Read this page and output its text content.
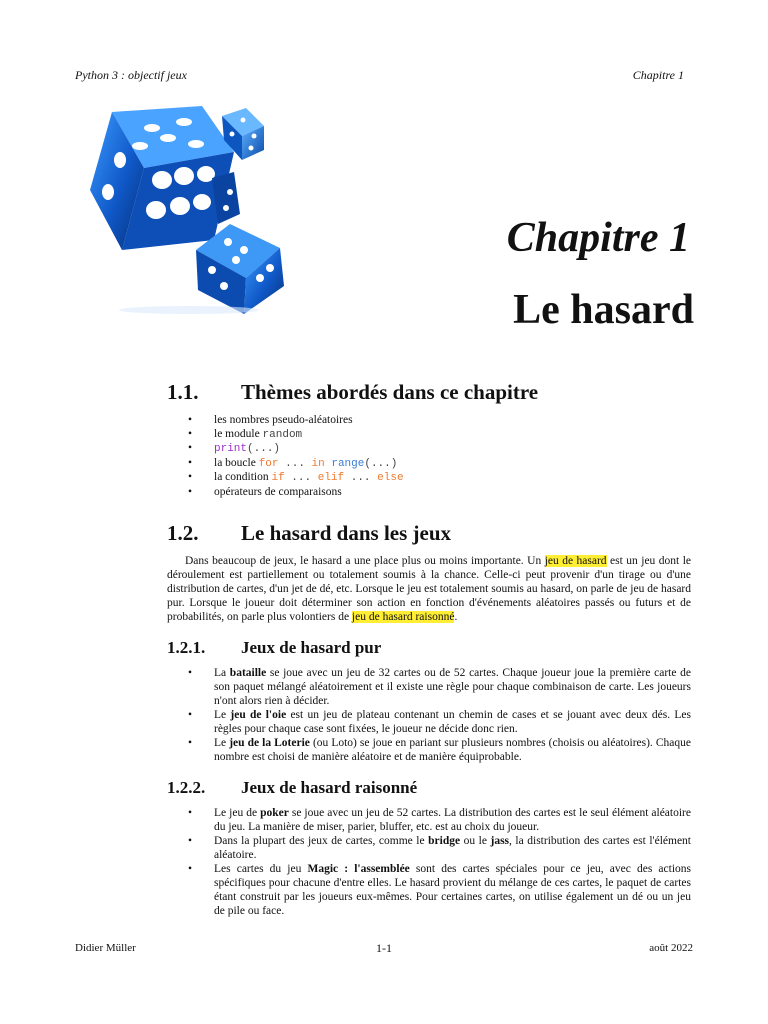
Python 3 : objectif jeux	Chapitre 1
Chapitre 1
Le hasard
1.1.	Thèmes abordés dans ce chapitre
• les nombres pseudo-aléatoires
• le module random
• print(...)
• la boucle for ... in range(...)
• la condition if ... elif ... else
• opérateurs de comparaisons
1.2.	Le hasard dans les jeux

Dans beaucoup de jeux, le hasard a une place plus ou moins importante. Un jeu de hasard est un jeu dont le déroulement est partiellement ou totalement soumis à la chance. Celle-ci peut provenir d'un tirage ou d'une distribution de cartes, d'un jet de dé, etc. Lorsque le jeu est totalement soumis au hasard, on parle de jeu de hasard pur. Lorsque le joueur doit déterminer son action en fonction d'événements aléatoires passés ou futurs et de probabilités, on parle plus volontiers de jeu de hasard raisonné.

1.2.1.	Jeux de hasard pur
• La bataille se joue avec un jeu de 32 cartes ou de 52 cartes. Chaque joueur joue la première carte de son paquet mélangé aléatoirement et il existe une règle pour chaque combinaison de carte. Les joueurs n'ont alors rien à décider.
• Le jeu de l'oie est un jeu de plateau contenant un chemin de cases et se jouant avec deux dés. Les règles pour chaque case sont fixées, le joueur ne décide donc rien.
• Le jeu de la Loterie (ou Loto) se joue en pariant sur plusieurs nombres (choisis ou aléatoires). Chaque nombre est choisi de manière aléatoire et de manière équiprobable.
1.2.2.	Jeux de hasard raisonné
• Le jeu de poker se joue avec un jeu de 52 cartes. La distribution des cartes est le seul élément aléatoire du jeu. La manière de miser, parier, bluffer, etc. est au choix du joueur.
• Dans la plupart des jeux de cartes, comme le bridge ou le jass, la distribution des cartes est l'élément aléatoire.
• Les cartes du jeu Magic : l'assemblée sont des cartes spéciales pour ce jeu, avec des actions spécifiques pour chacune d'entre elles. Le hasard provient du mélange de ces cartes, le paquet de cartes étant construit par les joueurs eux-mêmes. Pour certaines cartes, on utilise également un dé ou un jeu de pile ou face.
Didier Müller	1-1	août 2022
